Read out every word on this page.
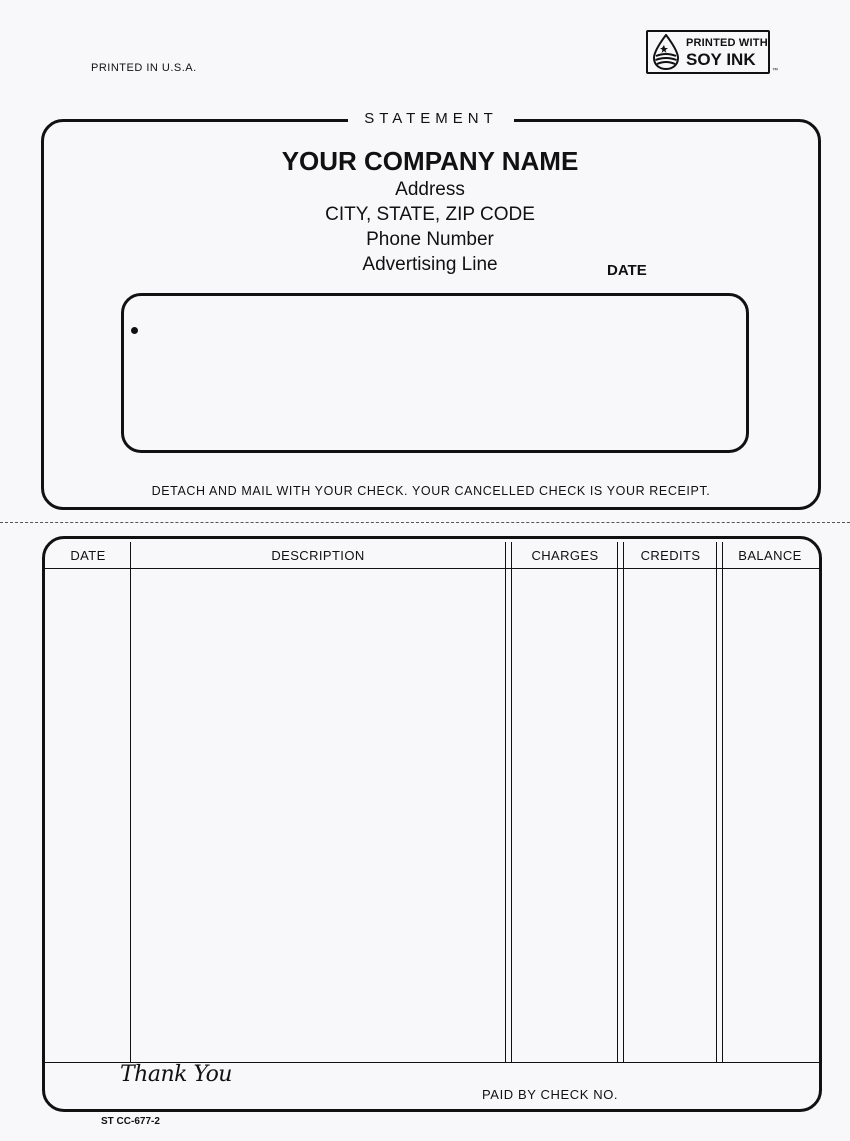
PRINTED IN U.S.A.
PRINTED WITH
SOY INK
™
STATEMENT
YOUR COMPANY NAME
Address
CITY, STATE, ZIP CODE
Phone Number
Advertising Line	DATE
DETACH AND MAIL WITH YOUR CHECK. YOUR CANCELLED CHECK IS YOUR RECEIPT.
DATE	DESCRIPTION	CHARGES	CREDITS	BALANCE
Thank You
PAID BY CHECK NO.
ST CC-677-2
